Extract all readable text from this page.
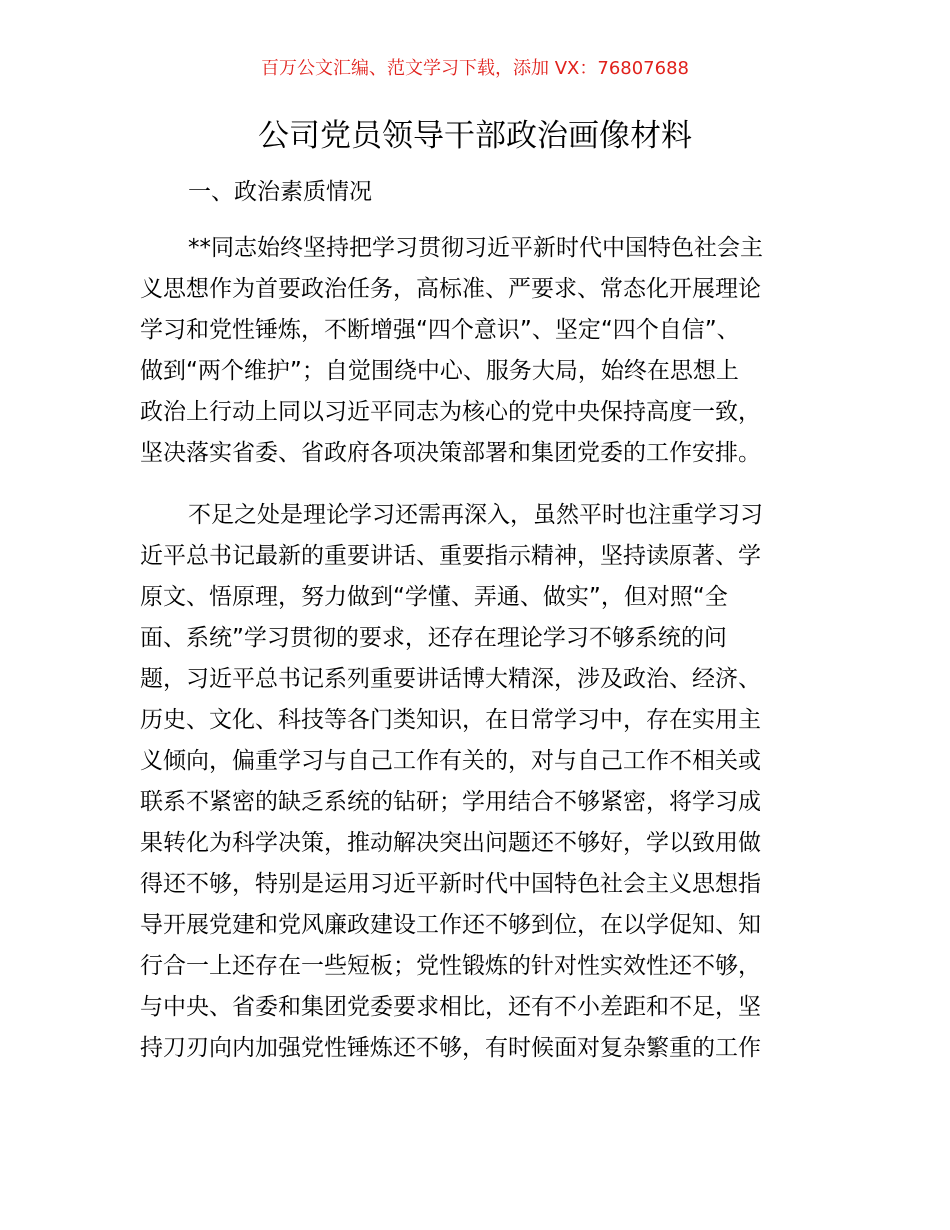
百万公文汇编、范文学习下载，添加 VX：76807688
公司党员领导干部政治画像材料
一、政治素质情况
**同志始终坚持把学习贯彻习近平新时代中国特色社会主
义思想作为首要政治任务，高标准、严要求、常态化开展理论
学习和党性锤炼，不断增强“四个意识”、坚定“四个自信”、
做到“两个维护”；自觉围绕中心、服务大局，始终在思想上
政治上行动上同以习近平同志为核心的党中央保持高度一致，
坚决落实省委、省政府各项决策部署和集团党委的工作安排。
不足之处是理论学习还需再深入，虽然平时也注重学习习
近平总书记最新的重要讲话、重要指示精神，坚持读原著、学
原文、悟原理，努力做到“学懂、弄通、做实”，但对照“全
面、系统”学习贯彻的要求，还存在理论学习不够系统的问
题，习近平总书记系列重要讲话博大精深，涉及政治、经济、
历史、文化、科技等各门类知识，在日常学习中，存在实用主
义倾向，偏重学习与自己工作有关的，对与自己工作不相关或
联系不紧密的缺乏系统的钻研；学用结合不够紧密，将学习成
果转化为科学决策，推动解决突出问题还不够好，学以致用做
得还不够，特别是运用习近平新时代中国特色社会主义思想指
导开展党建和党风廉政建设工作还不够到位，在以学促知、知
行合一上还存在一些短板；党性锻炼的针对性实效性还不够，
与中央、省委和集团党委要求相比，还有不小差距和不足，坚
持刀刃向内加强党性锤炼还不够，有时候面对复杂繁重的工作
